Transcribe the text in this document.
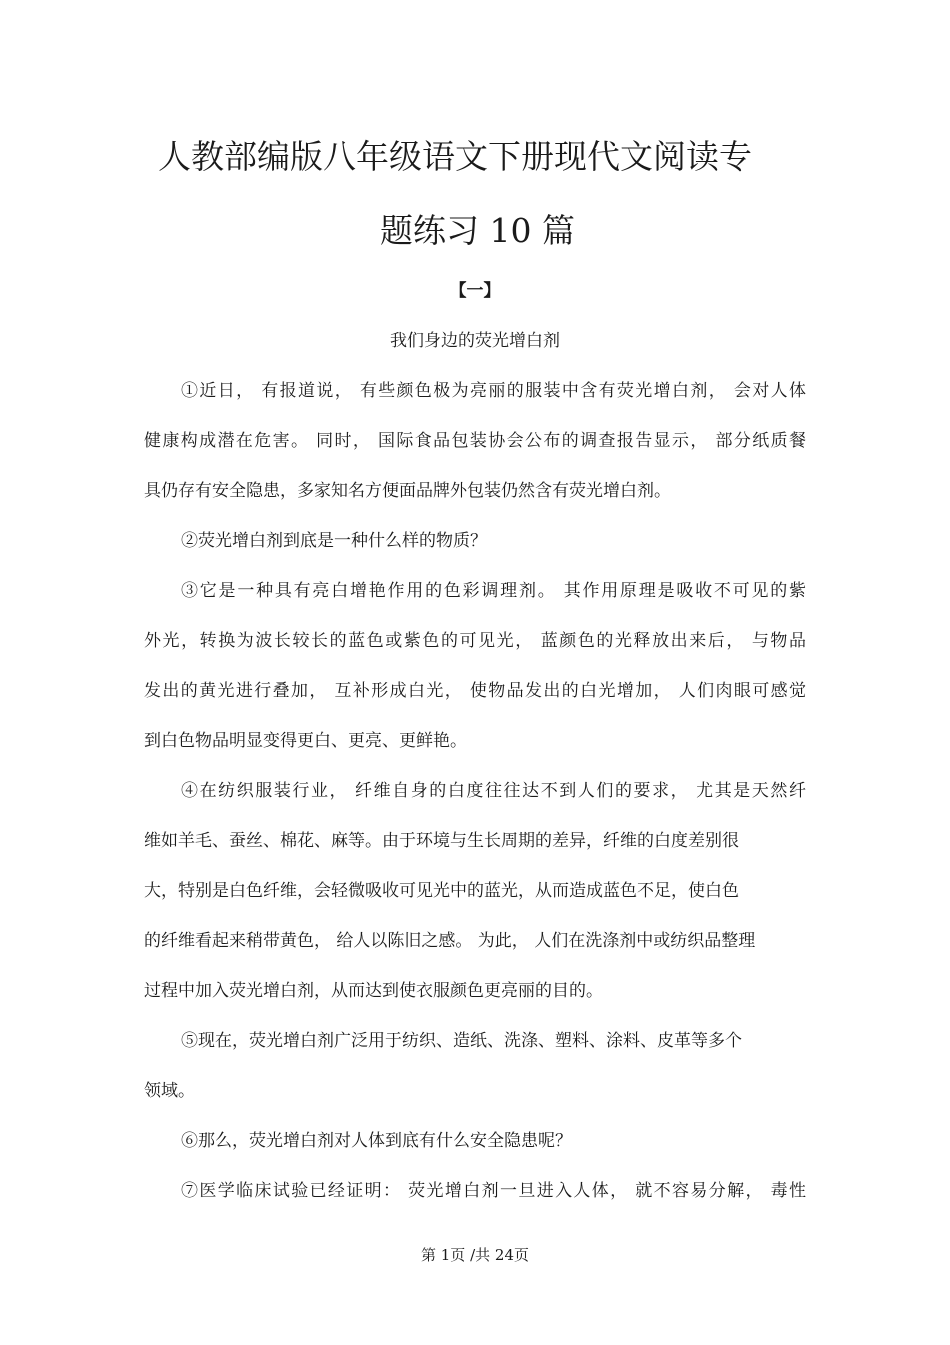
人教部编版八年级语文下册现代文阅读专
题练习 10 篇
【一】
我们身边的荧光增白剂
①近日， 有报道说， 有些颜色极为亮丽的服装中含有荧光增白剂， 会对人体
健康构成潜在危害。 同时， 国际食品包装协会公布的调查报告显示， 部分纸质餐
具仍存有安全隐患，多家知名方便面品牌外包装仍然含有荧光增白剂。
②荧光增白剂到底是一种什么样的物质？
③它是一种具有亮白增艳作用的色彩调理剂。 其作用原理是吸收不可见的紫
外光，转换为波长较长的蓝色或紫色的可见光， 蓝颜色的光释放出来后， 与物品
发出的黄光进行叠加， 互补形成白光， 使物品发出的白光增加， 人们肉眼可感觉
到白色物品明显变得更白、更亮、更鲜艳。
④在纺织服装行业， 纤维自身的白度往往达不到人们的要求， 尤其是天然纤
维如羊毛、蚕丝、棉花、麻等。由于环境与生长周期的差异，纤维的白度差别很
大，特别是白色纤维，会轻微吸收可见光中的蓝光，从而造成蓝色不足，使白色
的纤维看起来稍带黄色， 给人以陈旧之感。 为此， 人们在洗涤剂中或纺织品整理
过程中加入荧光增白剂，从而达到使衣服颜色更亮丽的目的。
⑤现在，荧光增白剂广泛用于纺织、造纸、洗涤、塑料、涂料、皮革等多个
领域。
⑥那么，荧光增白剂对人体到底有什么安全隐患呢？
⑦医学临床试验已经证明： 荧光增白剂一旦进入人体， 就不容易分解， 毒性
第 1页 /共 24页
